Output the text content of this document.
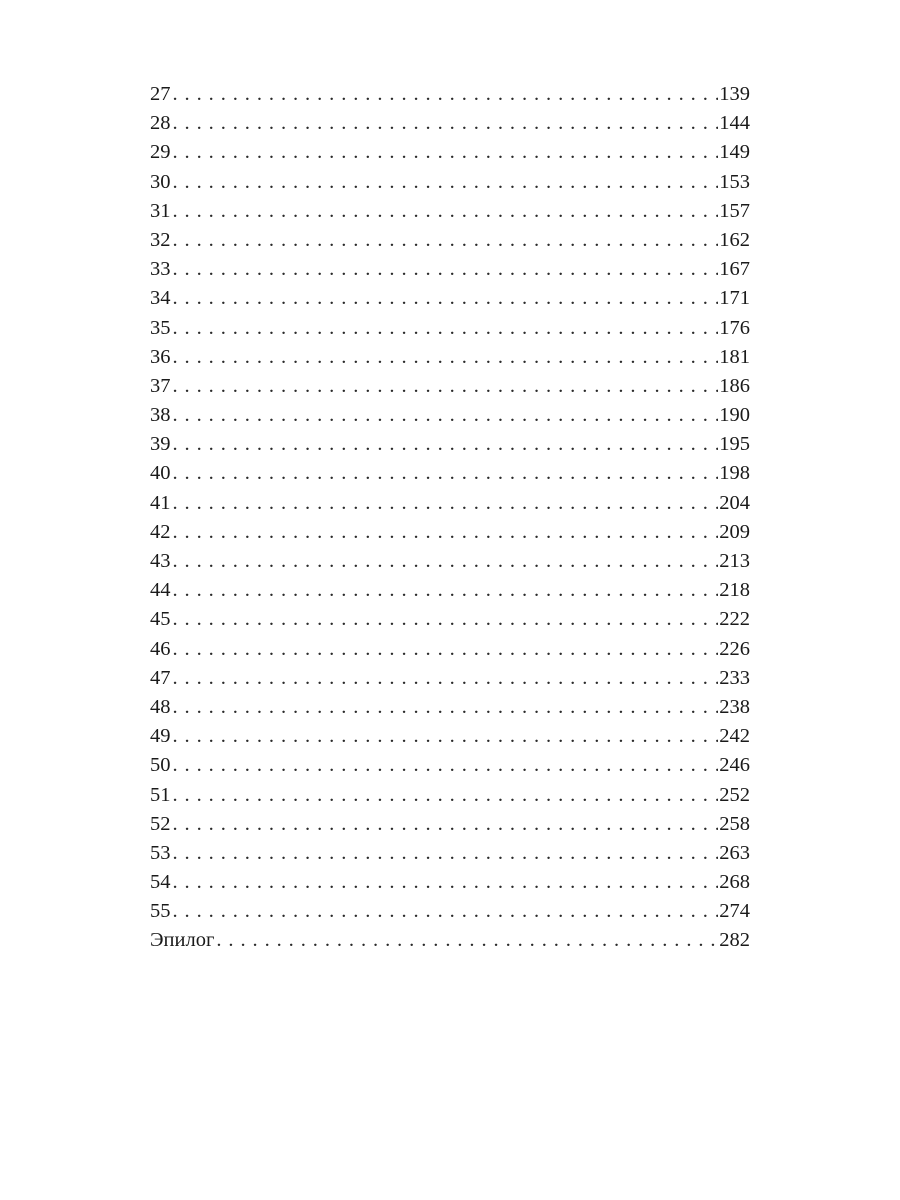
27 . . .	139
28 . . .	144
29 . . .	149
30 . . .	153
31 . . .	157
32 . . .	162
33 . . .	167
34 . . .	171
35 . . .	176
36 . . .	181
37 . . .	186
38 . . .	190
39 . . .	195
40 . . .	198
41 . . .	204
42 . . .	209
43 . . .	213
44 . . .	218
45 . . .	222
46 . . .	226
47 . . .	233
48 . . .	238
49 . . .	242
50 . . .	246
51 . . .	252
52 . . .	258
53 . . .	263
54 . . .	268
55 . . .	274
Эпилог . . .	282
